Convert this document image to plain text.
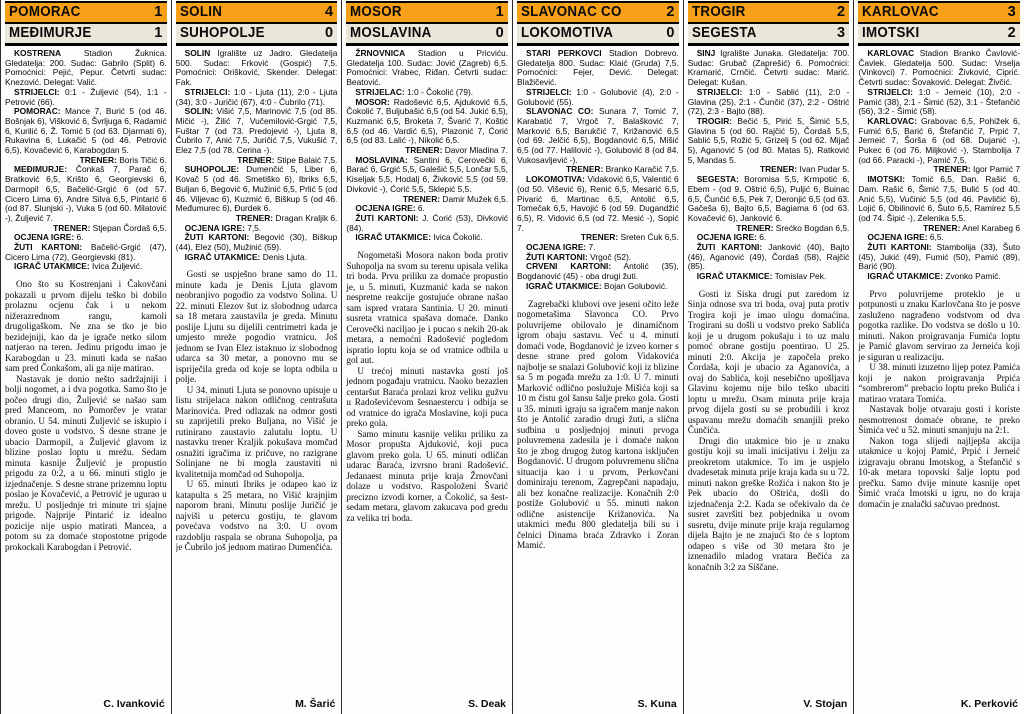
POMORAC	1
MEĐIMURJE	1
KOSTRENA	Stadion Žuknica. Gledatelja: 200. Sudac: Gabrilo (Split) 6. Pomoćnici: Pejić, Pepur. Četvrti sudac: Knezović. Delegat: Valić.
STRIJELCI: 0:1 - Žuljević (54), 1:1 - Petrović (66).
POMORAC: Mance 7, Burić 5 (od 46. Bošnjak 6), Višković 6, Švrljuga 6, Radamić 6, Kurilić 6, Ž. Tomić 5 (od 63. Djarmati 6), Rukavina 6, Lukačić 5 (od 46. Petrović 6,5), Kovačević 6, Karabogdan 5.
TRENER: Boris Tičić 6.
MEĐIMURJE: Čonkaš 7, Parač 6, Bratković 6,5, Krišto 6, Georgievski 6, Darmopil 6,5, Bačelić-Grgić 6 (od 57. Cicero Lima 6), Andre Silva 6,5, Pintarić 6 (od 87. Slunjski -), Vuka 5 (od 60. Milatović -), Žuljević 7.
TRENER: Stjepan Čordaš 6,5.
OCJENA IGRE: 6.
ŽUTI KARTONI: Bačelić-Grgić (47), Cicero Lima (72), Georgievski (81).
IGRAČ UTAKMICE: Ivica Žuljević.

Ono što su Kostrenjani i Čakovčani pokazali u prvom dijelu teško bi dobilo prolaznu ocjenu čak i u nekom nižerazrednom rangu, kamoli drugoligaškom. Ne zna se tko je bio bezidejniji, kao da je igrače netko silom natjerao na teren. Jedinu prigodu imao je Karabogdan u 23. minuti kada se našao sam pred Čonkašom, ali ga nije matirao.

Nastavak je donio nešto sadržajniji i bolji nogomet, a i dva pogotka. Samo što je počeo drugi dio, Žuljević se našao sam pred Manceom, no Pomorčev je vratar obranio. U 54. minuti Žuljević se iskupio i doveo goste u vodstvo. S desne strane je ubacio Darmopil, a Žuljević glavom iz blizine poslao loptu u mrežu. Sedam minuta kasnije Žuljević je propustio prigodu za 0:2, a u 66. minuti stiglo je izjednačenje. S desne strane prizemnu loptu poslao je Kovačević, a Petrović je ugurao u mrežu. U posljednje tri minute tri sjajne prigode. Najprije Pintarić iz idealno pozicije nije uspio matirati Mancea, a potom su za domaće stopostotne prigode prokockali Karabogdan i Petrović.

C. Ivanković
SOLIN	4
SUHOPOLJE	0
SOLIN Igralište uz Jadro. Gledatelja 500. Sudac: Frković (Gospić) 7,5. Pomoćnici: Orišković, Skender. Delegat: Fak.
STRIJELCI: 1:0 - Ljuta (11), 2:0 - Ljuta (34), 3:0 - Juričić (67), 4:0 - Čubrilo (71).
SOLIN: Višić 7,5, Marinović 7,5 (od 85. Mičić -), Žilić 7, Vučemilović-Grgić 7,5, Fuštar 7 (od 73. Predojević -), Ljuta 8, Čubrilo 7, Anić 7,5, Juričić 7,5, Vukušić 7, Elez 7,5 (od 78. Cerina -).
TRENER: Stipe Balaić 7,5.
SUHOPOLJE: Dumenčić 5, Liber 6, Kovač 5 (od 46. Smetiško 6), Ibriks 6,5, Buljan 6, Begović 6, Mužinić 6,5, Prlić 5 (od 46. Viljevac 6), Kuzmić 6, Biškup 5 (od 46. Međumurec 6), Đurdek 6.
TRENER: Dragan Kraljik 6.
OCJENA IGRE: 7,5.
ŽUTI KARTONI: Begović (30), Biškup (44), Elez (50), Mužinić (59).
IGRAČ UTAKMICE: Denis Ljuta.

Gosti se uspješno brane samo do 11. minute kada je Denis Ljuta glavom neobranjivo pogodio za vodstvo Solina. U 22. minuti Elezov šut iz slobodnog udarca sa 18 metara zaustavila je greda. Minutu poslije Ljutu su dijelili centrimetri kada je umjesto mreže pogodio vratnicu. Još jednom se Ivan Elez istaknuo iz slobodnog udarca sa 30 metar, a ponovno mu se ispriječila greda od koje se lopta odbila u polje.

U 34. minuti Ljuta se ponovno upisuje u listu strijelaca nakon odličnog centrašuta Marinovića. Pred odlazak na odmor gosti su zaprijetili preko Buljana, no Višić je rutinirano zaustavio zalutalu loptu. U nastavku trener Kraljik pokušava momčad osnažiti igračima iz pričuve, no razigrane Solinjane ne bi mogla zaustaviti ni kvalitetnija momčad od Suhopolja.

U 65. minuti Ibriks je odapeo kao iz katapulta s 25 metara, no Višić krajnjim naporom brani. Minutu poslije Juričić je najviši u petercu gostiju, te glavom povećava vodstvo na 3:0. U ovom razdoblju raspala se obrana Suhopolja, pa je Čubrilo još jednom matirao Dumenčića.

M. Šarić
MOSOR	1
MOSLAVINA	0
ŽRNOVNICA Stadion u Pricviću. Gledatelja 100. Sudac: Jović (Zagreb) 6,5. Pomoćnici: Vrabec, Riđan. Četvrti sudac: Beatović.
STRIJELAC: 1:0 - Čokolić (79).
MOSOR: Radošević 6,5, Ajduković 6,5, Čokolić 7, Buljubašić 6,5 (od 54. Jukić 6,5), Kuzmanić 6,5, Broketa 7, Švarić 7, Koštić 6,5 (od 46. Vardić 6,5), Plazonić 7, Ćorić 6,5 (od 83. Lalić -), Nikolić 6,5.
TRENER: Davor Mladina 7.
MOSLAVINA: Santini 6, Cerovečki 6, Barać 6, Grgić 5,5, Galešić 5,5, Lončar 5,5, Kiseljak 5,5, Hodalj 6, Živković 5,5 (od 59. Divković -), Ćorić 5,5, Sklepić 5,5.
TRENER: Damir Mužek 6,5.
OCJENA IGRE: 6.
ŽUTI KARTONI: J. Ćorić (53), Divković (84).
IGRAČ UTAKMICE: Ivica Čokolić.

Nogometaši Mosora nakon boda protiv Suhopolja na svom su terenu upisala velika tri boda. Prvu priliku za domaće propustio je, u 5. minuti, Kuzmanić kada se nakon nespretne reakcije gostujuće obrane našao sam ispred vratara Santinia. U 20. minuti susreta vratnica spašava domaće. Danko Cerovečki naciljao je i pucao s nekih 20-ak metara, a nemoćni Radošević pogledom ispratio loptu koja se od vratnice odbila u gol aut.

U trećoj minuti nastavka gosti još jednom pogađaju vratnicu. Naoko bezazlen centaršut Baraća prolazi kroz veliku gužvu u Radoševićevom šesnaestercu i odbija se od vratnice do igrača Moslavine, koji puca preko gola.

Samo minutu kasnije veliku priliku za Mosor propušta Ajduković, koji puca glavom preko gola. U 65. minuti odličan udarac Baraća, izvrsno brani Radošević. Jedanaest minuta prije kraja Žrnovčani dolaze u vodstvo. Raspoloženi Švarić precizno izvodi korner, a Čokolić, sa šest-sedam metara, glavom zakucava pod gredu za velika tri boda.

S. Deak
SLAVONAC CO	2
LOKOMOTIVA	0
STARI PERKOVCI Stadion Dobrevo. Gledatelja 800. Sudac: Klaić (Gruda) 7,5. Pomoćnici: Fejer, Dević. Delegat: Blažičević.
STRIJELCI: 1:0 - Golubović (4), 2:0 - Golubović (55).
SLAVONAC CO: Sunara 7, Tomić 7, Karabatić 7, Vrgoč 7, Balašković 7, Marković 6,5, Barukčić 7, Križanović 6,5 (od 69. Jelčić 6,5), Bogdanović 6,5, Mišić 6,5 (od 77. Halilović -), Golubović 8 (od 84. Vukosavljević -).
TRENER: Branko Karačić 7,5.
LOKOMOTIVA: Vidaković 6,5, Valentić 6 (od 50. Višević 6), Renić 6,5, Mesarić 6,5, Pivarić 6, Martinac 6,5, Antolić 6,5, Tomečak 6,5, Havojić 6 (od 59. Dugandžić 6,5), R. Vidović 6,5 (od 72. Mesić -), Sopić 7.
TRENER: Sreten Ćuk 6,5.
OCJENA IGRE: 7.
ŽUTI KARTONI: Vrgoč (52).
CRVENI KARTONI: Antolić (35), Bogdanović (45) - oba drugi žuti.
IGRAČ UTAKMICE: Bojan Golubović.

Zagrebački klubovi ove jeseni očito leže nogometašima Slavonca CO. Prvo poluvrijeme obilovalo je dinamičnom igrom obaju sastavu. Već u 4. minuti domaći vode, Bogdanović je izveo korner s desne strane pred golom Vidakovića najbolje se snalazi Golubović koji iz blizine sa 5 m pogađa mrežu za 1:0. U 7. minuti Marković odlično poslužuje Mišića koji sa 10 m čistu gol šansu šalje preko gola. Gosti u 35. minuti igraju sa igračem manje nakon što je Antolić zaradio drugi žuti, a slična sudbina u posljednjoj minuti prvoga poluvremena zadesila je i domaće nakon što je zbog drugog žutog kartona isključen Bogdanović. U drugom poluvremenu slična situacija kao i u prvom, Perkovčani dominiraju terenom, Zagrepčani napadaju, ali bez konačne realizacije. Konačnih 2:0 postiže Golubović u 55. minuti nakon odlične asistencije Križanovića. Na utakmici među 800 gledatelja bili su i čelnici Dinama braća Zdravko i Zoran Mamić.

S. Kuna
TROGIR	2
SEGESTA	3
SINJ Igralište Junaka. Gledatelja: 700. Sudac: Grubač (Zaprešić) 6. Pomoćnici: Kramarić, Crnčić. Četvrti sudac: Marić. Delegat: Kušan.
STRIJELCI: 1:0 - Sablić (11), 2:0 - Glavina (25), 2:1 - Čunčić (37), 2:2 - Oštrić (72), 2:3 - Bajto (88).
TROGIR: Bečić 5, Pirić 5, Šimić 5,5, Glavina 5 (od 60. Rajčić 5), Čordaš 5,5, Sablić 5,5, Rožić 5, Grizelj 5 (od 62. Mijač 5), Aganović 5 (od 80. Matas 5), Ratković 5, Mandas 5.
TRENER: Ivan Pudar 5.
SEGESTA: Boromisa 5,5, Krmpotić 6, Ebem - (od 9. Oštrić 6,5), Puljić 6, Buinac 6,5, Čunčić 6,5, Pek 7, Deronjić 6,5 (od 63. Gačeša 6), Bajto 6,5, Bagiama 6 (od 63. Kovačević 6), Janković 6.
TRENER: Srećko Bogdan 6,5.
OCJENA IGRE: 6.
ŽUTI KARTONI: Janković (40), Bajto (46), Aganović (49), Čordaš (58), Rajčić (85).
IGRAČ UTAKMICE: Tomislav Pek.

Gosti iz Siska drugi put zaredom iz Sinja odnose sva tri boda, ovaj puta protiv Trogira koji je imao ulogu domaćina. Trogirani su došli u vodstvo preko Sablića koji je u drugom pokušaju i to uz malu pomoć obrane gostiju poentirao. U 25. minuti 2:0. Akcija je započela preko Čordaša, koji je ubacio za Aganovića, a ovaj do Sablića, koji nesebično upošljava Glavinu kojemu nije bilo teško ubaciti loptu u mrežu. Osam minuta prije kraja prvog dijela gosti su se probudili i kroz uspavanu mrežu domaćih smanjili preko Čunčića.

Drugi dio utakmice bio je u znaku gostiju koji su imali inicijativu i želju za preokretom utakmice. To im je uspjelo dvadesetak minuta prije kraja kada su u 72. minuti nakon greške Rožića i nakon što je Pek ubacio do Oštrića, došli do izjednačenja 2:2. Kada se očekivalo da će susret završiti bez pobjednika u ovom susretu, dvije minute prije kraja regularnog dijela Bajto je ne znajući što će s loptom odapeo s više od 30 metara što je iznenadilo mladog vratara Bečića za konačnih 3:2 za Siščane.

V. Stojan
KARLOVAC	3
IMOTSKI	2
KARLOVAC Stadion Branko Čavlović-Čavlek. Gledatelja 500. Sudac: Vrselja (Vinkovci) 7. Pomoćnici: Živković, Ciprić. Četvrti sudac: Šovaković. Delegat: Živčić.
STRIJELCI: 1:0 - Jerneić (10), 2:0 - Pamić (38), 2:1 - Šimić (52), 3:1 - Štefančić (56), 3:2 - Šimić (58).
KARLOVAC: Grabovac 6,5, Pohižek 6, Fumić 6,5, Barić 6, Štefančić 7, Prpić 7, Jerneić 7, Šorša 6 (od 68. Dujanić -), Pukec 6 (od 76. Miljković -), Stambolija 7 (od 66. Paracki -), Pamić 7,5.
TRENER: Igor Pamić 7
IMOTSKI: Tomić 6,5, Dan. Rašić 6, Dam. Rašić 6, Šimić 7,5, Bulić 5 (od 40. Anić 5,5), Vučinić 5,5 (od 46. Pavličić 6), Lojić 6, Obilinović 6, Šuto 6,5, Ramirez 5,5 (od 74. Šipić -), Zelenika 5,5.
TRENER: Anel Karabeg 6
OCJENA IGRE: 6,5.
ŽUTI KARTONI: Stambolija (33), Šuto (45), Jukić (49), Fumić (50), Pamić (89), Barić (90).
IGRAČ UTAKMICE: Zvonko Pamić.

Prvo poluvrijeme proteklo je u potpunosti u znaku Karlovčana što je posve zasluženo nagrađeno vodstvom od dva pogotka razlike. Do vodstva se došlo u 10. minuti. Nakon proigravanja Fumića loptu je Pamić glavom servirao za Jerneića koji je siguran u realizaciju.

U 38. minuti izuzetno lijep potez Pamića koji je nakon proigravanja Prpića “sombrerom” prebacio loptu preko Bulića i matirao vratara Tomića.

Nastavak bolje otvaraju gosti i koriste nesmotrenost domaće obrane, te preko Šimića već u 52. minuti smanjuju na 2:1.

Nakon toga slijedi najljepša akcija utakmice u kojoj Pamić, Prpić i Jerneić izigravaju obranu Imotskog, a Štefančić s 10-ak metara topovski šalje loptu pod prečku. Samo dvije minute kasnije opet Šimić vraća Imotski u igru, no do kraja domaćin je znalački sačuvao prednost.

K. Perković
